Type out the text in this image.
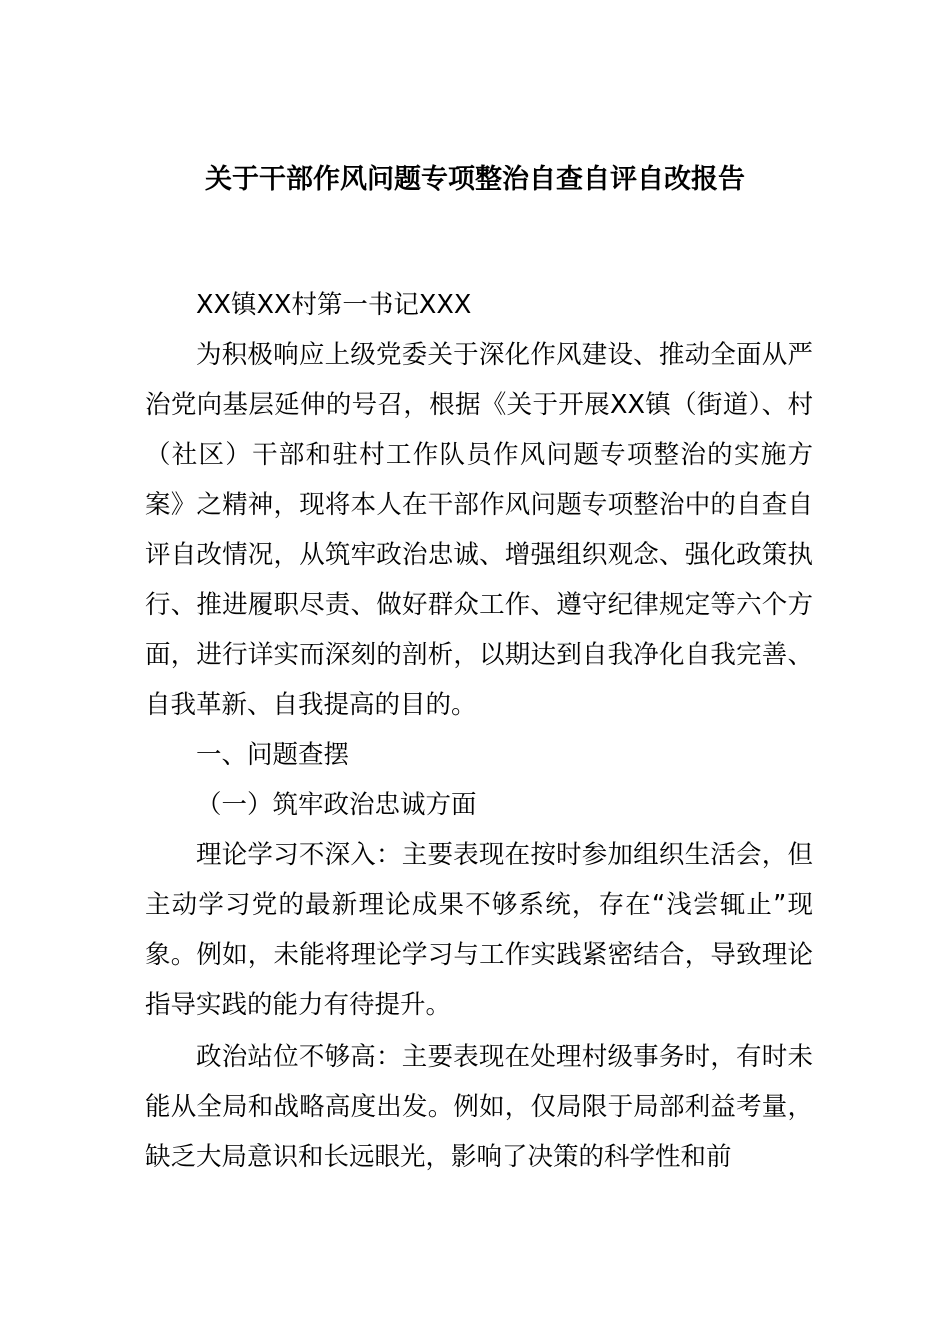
关于干部作风问题专项整治自查自评自改报告

XX镇XX村第一书记XXX

为积极响应上级党委关于深化作风建设、推动全面从严治党向基层延伸的号召，根据《关于开展XX镇（街道）、村（社区）干部和驻村工作队员作风问题专项整治的实施方案》之精神，现将本人在干部作风问题专项整治中的自查自评自改情况，从筑牢政治忠诚、增强组织观念、强化政策执行、推进履职尽责、做好群众工作、遵守纪律规定等六个方面，进行详实而深刻的剖析，以期达到自我净化自我完善、自我革新、自我提高的目的。

一、问题查摆

（一）筑牢政治忠诚方面

理论学习不深入：主要表现在按时参加组织生活会，但主动学习党的最新理论成果不够系统，存在“浅尝辄止”现象。例如，未能将理论学习与工作实践紧密结合，导致理论指导实践的能力有待提升。

政治站位不够高：主要表现在处理村级事务时，有时未能从全局和战略高度出发。例如，仅局限于局部利益考量，缺乏大局意识和长远眼光，影响了决策的科学性和前
